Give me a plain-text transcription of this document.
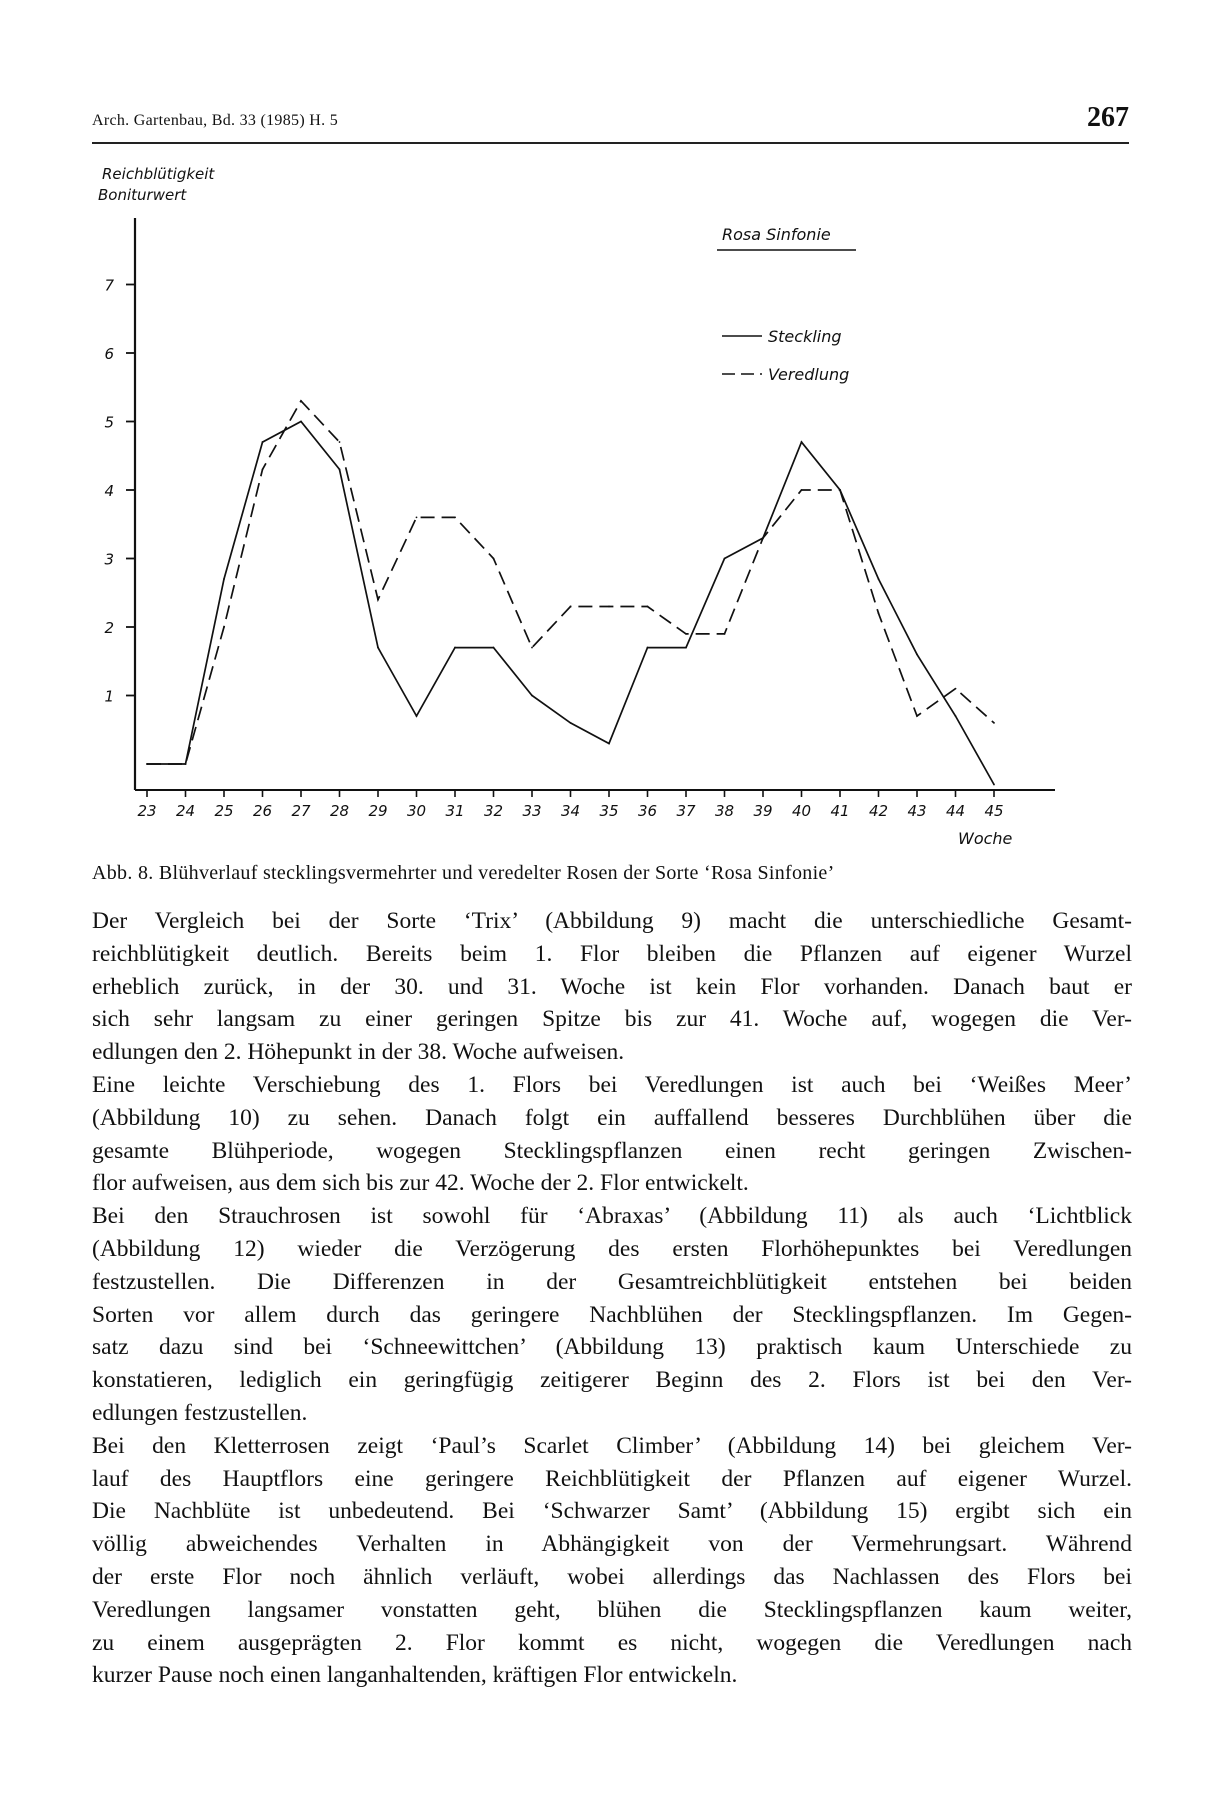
Arch. Gartenbau, Bd. 33 (1985) H. 5	267
Reichblütigkeit
Boniturwert
Woche
Rosa Sinfonie
Steckling
Veredlung
1
2
3
4
5
6
7
23 24 25 26 27 28 29 30 31 32 33 34 35 36 37 38 39 40 41 42 43 44 45
Abb. 8. Blühverlauf stecklingsvermehrter und veredelter Rosen der Sorte ‘Rosa Sinfonie’

Der Vergleich bei der Sorte ‘Trix’ (Abbildung 9) macht die unterschiedliche Gesamt-

reichblütigkeit deutlich. Bereits beim 1. Flor bleiben die Pflanzen auf eigener Wurzel

erheblich zurück, in der 30. und 31. Woche ist kein Flor vorhanden. Danach baut er

sich sehr langsam zu einer geringen Spitze bis zur 41. Woche auf, wogegen die Ver-

edlungen den 2. Höhepunkt in der 38. Woche aufweisen.

Eine leichte Verschiebung des 1. Flors bei Veredlungen ist auch bei ‘Weißes Meer’

(Abbildung 10) zu sehen. Danach folgt ein auffallend besseres Durchblühen über die

gesamte Blühperiode, wogegen Stecklingspflanzen einen recht geringen Zwischen-

flor aufweisen, aus dem sich bis zur 42. Woche der 2. Flor entwickelt.

Bei den Strauchrosen ist sowohl für ‘Abraxas’ (Abbildung 11) als auch ‘Lichtblick

(Abbildung 12) wieder die Verzögerung des ersten Florhöhepunktes bei Veredlungen

festzustellen. Die Differenzen in der Gesamtreichblütigkeit entstehen bei beiden

Sorten vor allem durch das geringere Nachblühen der Stecklingspflanzen. Im Gegen-

satz dazu sind bei ‘Schneewittchen’ (Abbildung 13) praktisch kaum Unterschiede zu

konstatieren, lediglich ein geringfügig zeitigerer Beginn des 2. Flors ist bei den Ver-

edlungen festzustellen.

Bei den Kletterrosen zeigt ‘Paul’s Scarlet Climber’ (Abbildung 14) bei gleichem Ver-

lauf des Hauptflors eine geringere Reichblütigkeit der Pflanzen auf eigener Wurzel.

Die Nachblüte ist unbedeutend. Bei ‘Schwarzer Samt’ (Abbildung 15) ergibt sich ein

völlig abweichendes Verhalten in Abhängigkeit von der Vermehrungsart. Während

der erste Flor noch ähnlich verläuft, wobei allerdings das Nachlassen des Flors bei

Veredlungen langsamer vonstatten geht, blühen die Stecklingspflanzen kaum weiter,

zu einem ausgeprägten 2. Flor kommt es nicht, wogegen die Veredlungen nach

kurzer Pause noch einen langanhaltenden, kräftigen Flor entwickeln.
